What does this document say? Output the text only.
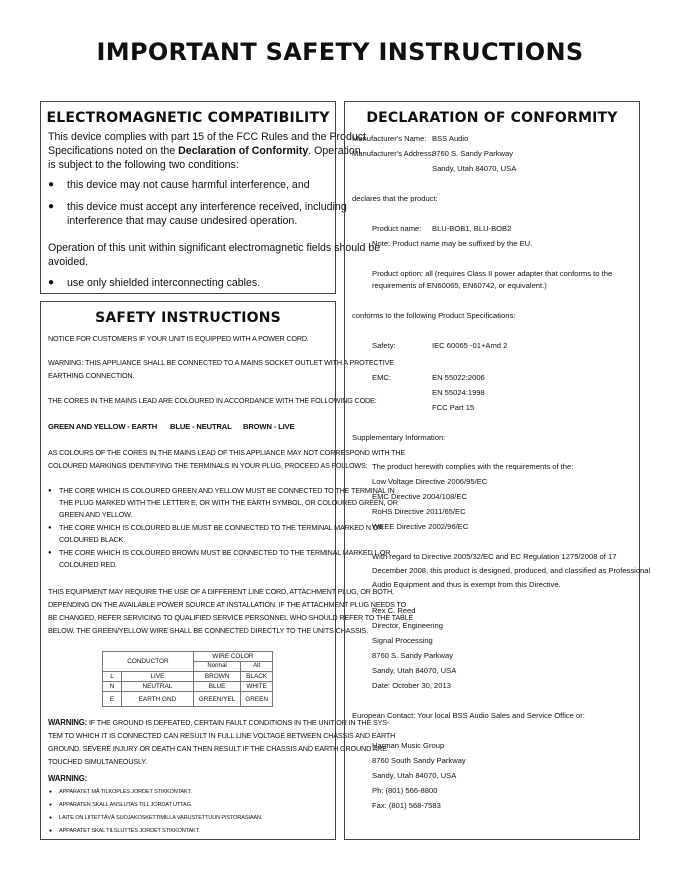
IMPORTANT SAFETY INSTRUCTIONS
ELECTROMAGNETIC COMPATIBILITY
This device complies with part 15 of the FCC Rules and the Product
Specifications noted on the Declaration of Conformity. Operation
is subject to the following two conditions:
● this device may not cause harmful interference, and
● this device must accept any interference received, including
interference that may cause undesired operation.
Operation of this unit within significant electromagnetic fields should be
avoided.
● use only shielded interconnecting cables.
SAFETY INSTRUCTIONS
NOTICE FOR CUSTOMERS IF YOUR UNIT IS EQUIPPED WITH A POWER CORD.
WARNING: THIS APPLIANCE SHALL BE CONNECTED TO A MAINS SOCKET OUTLET WITH A PROTECTIVE
EARTHING CONNECTION.
THE CORES IN THE MAINS LEAD ARE COLOURED IN ACCORDANCE WITH THE FOLLOWING CODE:
GREEN AND YELLOW - EARTH BLUE - NEUTRAL BROWN - LIVE
AS COLOURS OF THE CORES IN THE MAINS LEAD OF THIS APPLIANCE MAY NOT CORRESPOND WITH THE
COLOURED MARKINGS IDENTIFYING THE TERMINALS IN YOUR PLUG, PROCEED AS FOLLOWS:
● THE CORE WHICH IS COLOURED GREEN AND YELLOW MUST BE CONNECTED TO THE TERMINAL IN
THE PLUG MARKED WITH THE LETTER E, OR WITH THE EARTH SYMBOL, OR COLOURED GREEN, OR
GREEN AND YELLOW.
● THE CORE WHICH IS COLOURED BLUE MUST BE CONNECTED TO THE TERMINAL MARKED N OR
COLOURED BLACK.
● THE CORE WHICH IS COLOURED BROWN MUST BE CONNECTED TO THE TERMINAL MARKED L OR
COLOURED RED.
THIS EQUIPMENT MAY REQUIRE THE USE OF A DIFFERENT LINE CORD, ATTACHMENT PLUG, OR BOTH,
DEPENDING ON THE AVAILABLE POWER SOURCE AT INSTALLATION. IF THE ATTACHMENT PLUG NEEDS TO
BE CHANGED, REFER SERVICING TO QUALIFIED SERVICE PERSONNEL WHO SHOULD REFER TO THE TABLE
BELOW. THE GREEN/YELLOW WIRE SHALL BE CONNECTED DIRECTLY TO THE UNITS CHASSIS.
CONDUCTOR		WIRE COLOR	
		Normal	Alt
L	LIVE	BROWN	BLACK
N	NEUTRAL	BLUE	WHITE
E	EARTH GND	GREEN/YEL	GREEN
WARNING: IF THE GROUND IS DEFEATED, CERTAIN FAULT CONDITIONS IN THE UNIT OR IN THE SYS-
TEM TO WHICH IT IS CONNECTED CAN RESULT IN FULL LINE VOLTAGE BETWEEN CHASSIS AND EARTH
GROUND. SEVERE INJURY OR DEATH CAN THEN RESULT IF THE CHASSIS AND EARTH GROUND ARE
TOUCHED SIMULTANEOUSLY.
WARNING:
● APPARATET MÅ TILKOPLES JORDET STIKKONTAKT.
● APPARATEN SKALL ANSLUTAS TILL JORDAT UTTAG.
● LAITE ON LIITETTÄVÄ SUOJAKOSKETTIMILLA VARUSTETTUUN PISTORASIAAN.
● APPARATET SKAL TILSLUTTES JORDET STIKKONTAKT.
DECLARATION OF CONFORMITY
Manufacturer's Name: BSS Audio
Manufacturer's Address:
8760 S. Sandy Parkway
Sandy, Utah 84070, USA
declares that the product:
Product name: BLU-BOB1, BLU-BOB2
Note: Product name may be suffixed by the EU.
Product option: all (requires Class II power adapter that conforms to the
requirements of EN60065, EN60742, or equivalent.)
conforms to the following Product Specifications:
Safety:	IEC 60065 -01+Amd 2
EMC:	EN 55022:2006
EN 55024:1998
FCC Part 15
Supplementary Information:
The product herewith complies with the requirements of the:
Low Voltage Directive 2006/95/EC
EMC Directive 2004/108/EC
RoHS Directive 2011/65/EC
WEEE Directive 2002/96/EC
With regard to Directive 2005/32/EC and EC Regulation 1275/2008 of 17
December 2008, this product is designed, produced, and classified as Professional
Audio Equipment and thus is exempt from this Directive.
Rex C. Reed
Director, Engineering
Signal Processing
8760 S. Sandy Parkway
Sandy, Utah 84070, USA
Date: October 30, 2013
European Contact: Your local BSS Audio Sales and Service Office or:
Harman Music Group
8760 South Sandy Parkway
Sandy, Utah 84070, USA
Ph: (801) 566-8800
Fax: (801) 568-7583
